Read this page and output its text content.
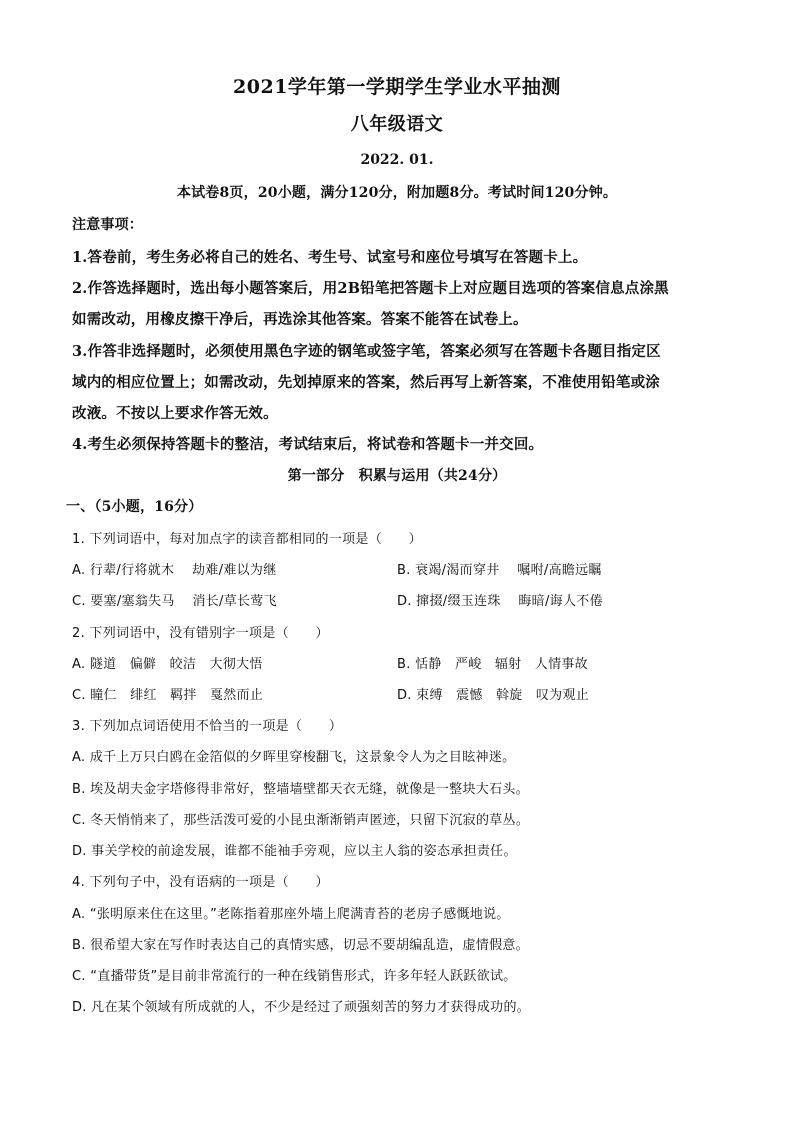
2021学年第一学期学生学业水平抽测
八年级语文
2022. 01.
本试卷8页，20小题，满分120分，附加题8分。考试时间120分钟。
注意事项：
1.答卷前，考生务必将自己的姓名、考生号、试室号和座位号填写在答题卡上。
2.作答选择题时，选出每小题答案后，用2B铅笔把答题卡上对应题目选项的答案信息点涂黑
如需改动，用橡皮擦干净后，再选涂其他答案。答案不能答在试卷上。
3.作答非选择题时，必须使用黑色字迹的钢笔或签字笔，答案必须写在答题卡各题目指定区
域内的相应位置上；如需改动，先划掉原来的答案，然后再写上新答案，不准使用铅笔或涂
改液。不按以上要求作答无效。
4.考生必须保持答题卡的整洁，考试结束后，将试卷和答题卡一并交回。
第一部分　积累与运用（共24分）
一、（5小题，16分）
1. 下列词语中，每对加点字的读音都相同的一项是（　　）
A. 行辈/行将就木　 劫难/难以为继	B. 衰竭/渴而穿井　 嘱咐/高瞻远瞩
C. 要塞/塞翁失马　 消长/草长莺飞	D. 撺掇/缀玉连珠　 晦暗/诲人不倦
2. 下列词语中，没有错别字一项是（　　）
A. 隧道　偏僻　皎洁　大彻大悟	B. 恬静　严峻　辐射　人情事故
C. 瞳仁　绯红　羁拌　戛然而止	D. 束缚　震憾　斡旋　叹为观止
3. 下列加点词语使用不恰当的一项是（　　）
A. 成千上万只白鸥在金箔似的夕晖里穿梭翻飞，这景象令人为之目眩神迷。
B. 埃及胡夫金字塔修得非常好，整墙墙壁都天衣无缝，就像是一整块大石头。
C. 冬天悄悄来了，那些活泼可爱的小昆虫渐渐销声匿迹，只留下沉寂的草丛。
D. 事关学校的前途发展，谁都不能袖手旁观，应以主人翁的姿态承担责任。
4. 下列句子中，没有语病的一项是（　　）
A. “张明原来住在这里。”老陈指着那座外墙上爬满青苔的老房子感慨地说。
B. 很希望大家在写作时表达自己的真情实感，切忌不要胡编乱造，虚情假意。
C. “直播带货”是目前非常流行的一种在线销售形式，许多年轻人跃跃欲试。
D. 凡在某个领域有所成就的人，不少是经过了顽强刻苦的努力才获得成功的。
